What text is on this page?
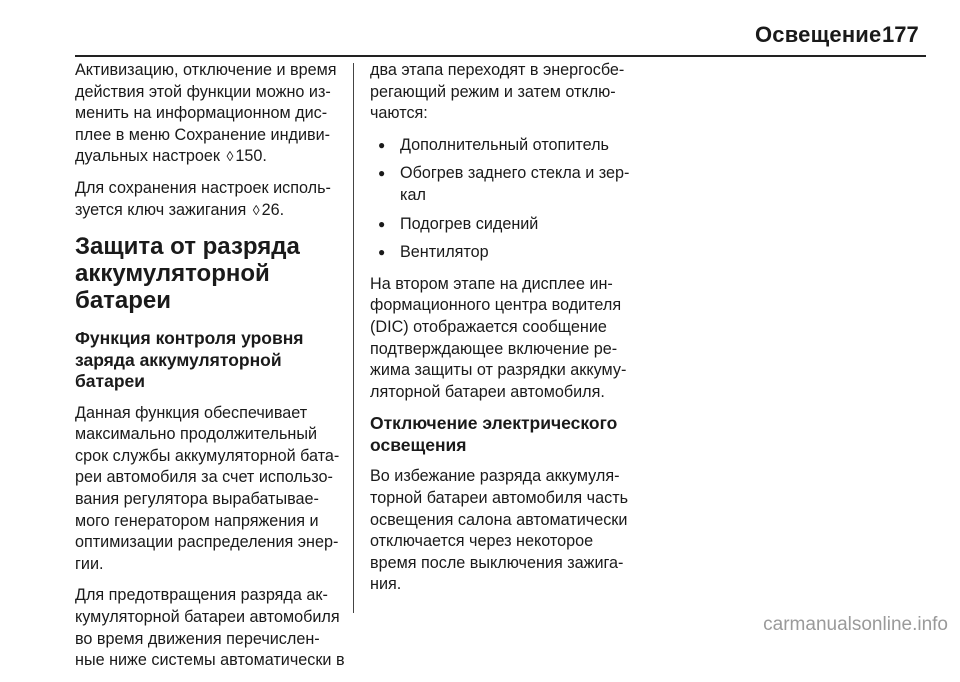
Освещение 177

Активизацию, отключение и время действия этой функции можно из-менить на информационном дис-плее в меню Сохранение индиви-дуальных настроек ◊ 150.

Для сохранения настроек исполь-зуется ключ зажигания ◊ 26.

Защита от разряда аккумуляторной батареи
Функция контроля уровня заряда аккумуляторной батареи

Данная функция обеспечивает максимально продолжительный срок службы аккумуляторной бата-реи автомобиля за счет использо-вания регулятора вырабатывае-мого генератором напряжения и оптимизации распределения энер-гии.

Для предотвращения разряда ак-кумуляторной батареи автомобиля во время движения перечислен-ные ниже системы автоматически в

два этапа переходят в энергосбе-регающий режим и затем отклю-чаются:

● Дополнительный отопитель
● Обогрев заднего стекла и зер-кал
● Подогрев сидений
● Вентилятор

На втором этапе на дисплее ин-формационного центра водителя (DIC) отображается сообщение подтверждающее включение ре-жима защиты от разрядки аккуму-ляторной батареи автомобиля.

Отключение электрического освещения

Во избежание разряда аккумуля-торной батареи автомобиля часть освещения салона автоматически отключается через некоторое время после выключения зажига-ния.

carmanualsonline.info
